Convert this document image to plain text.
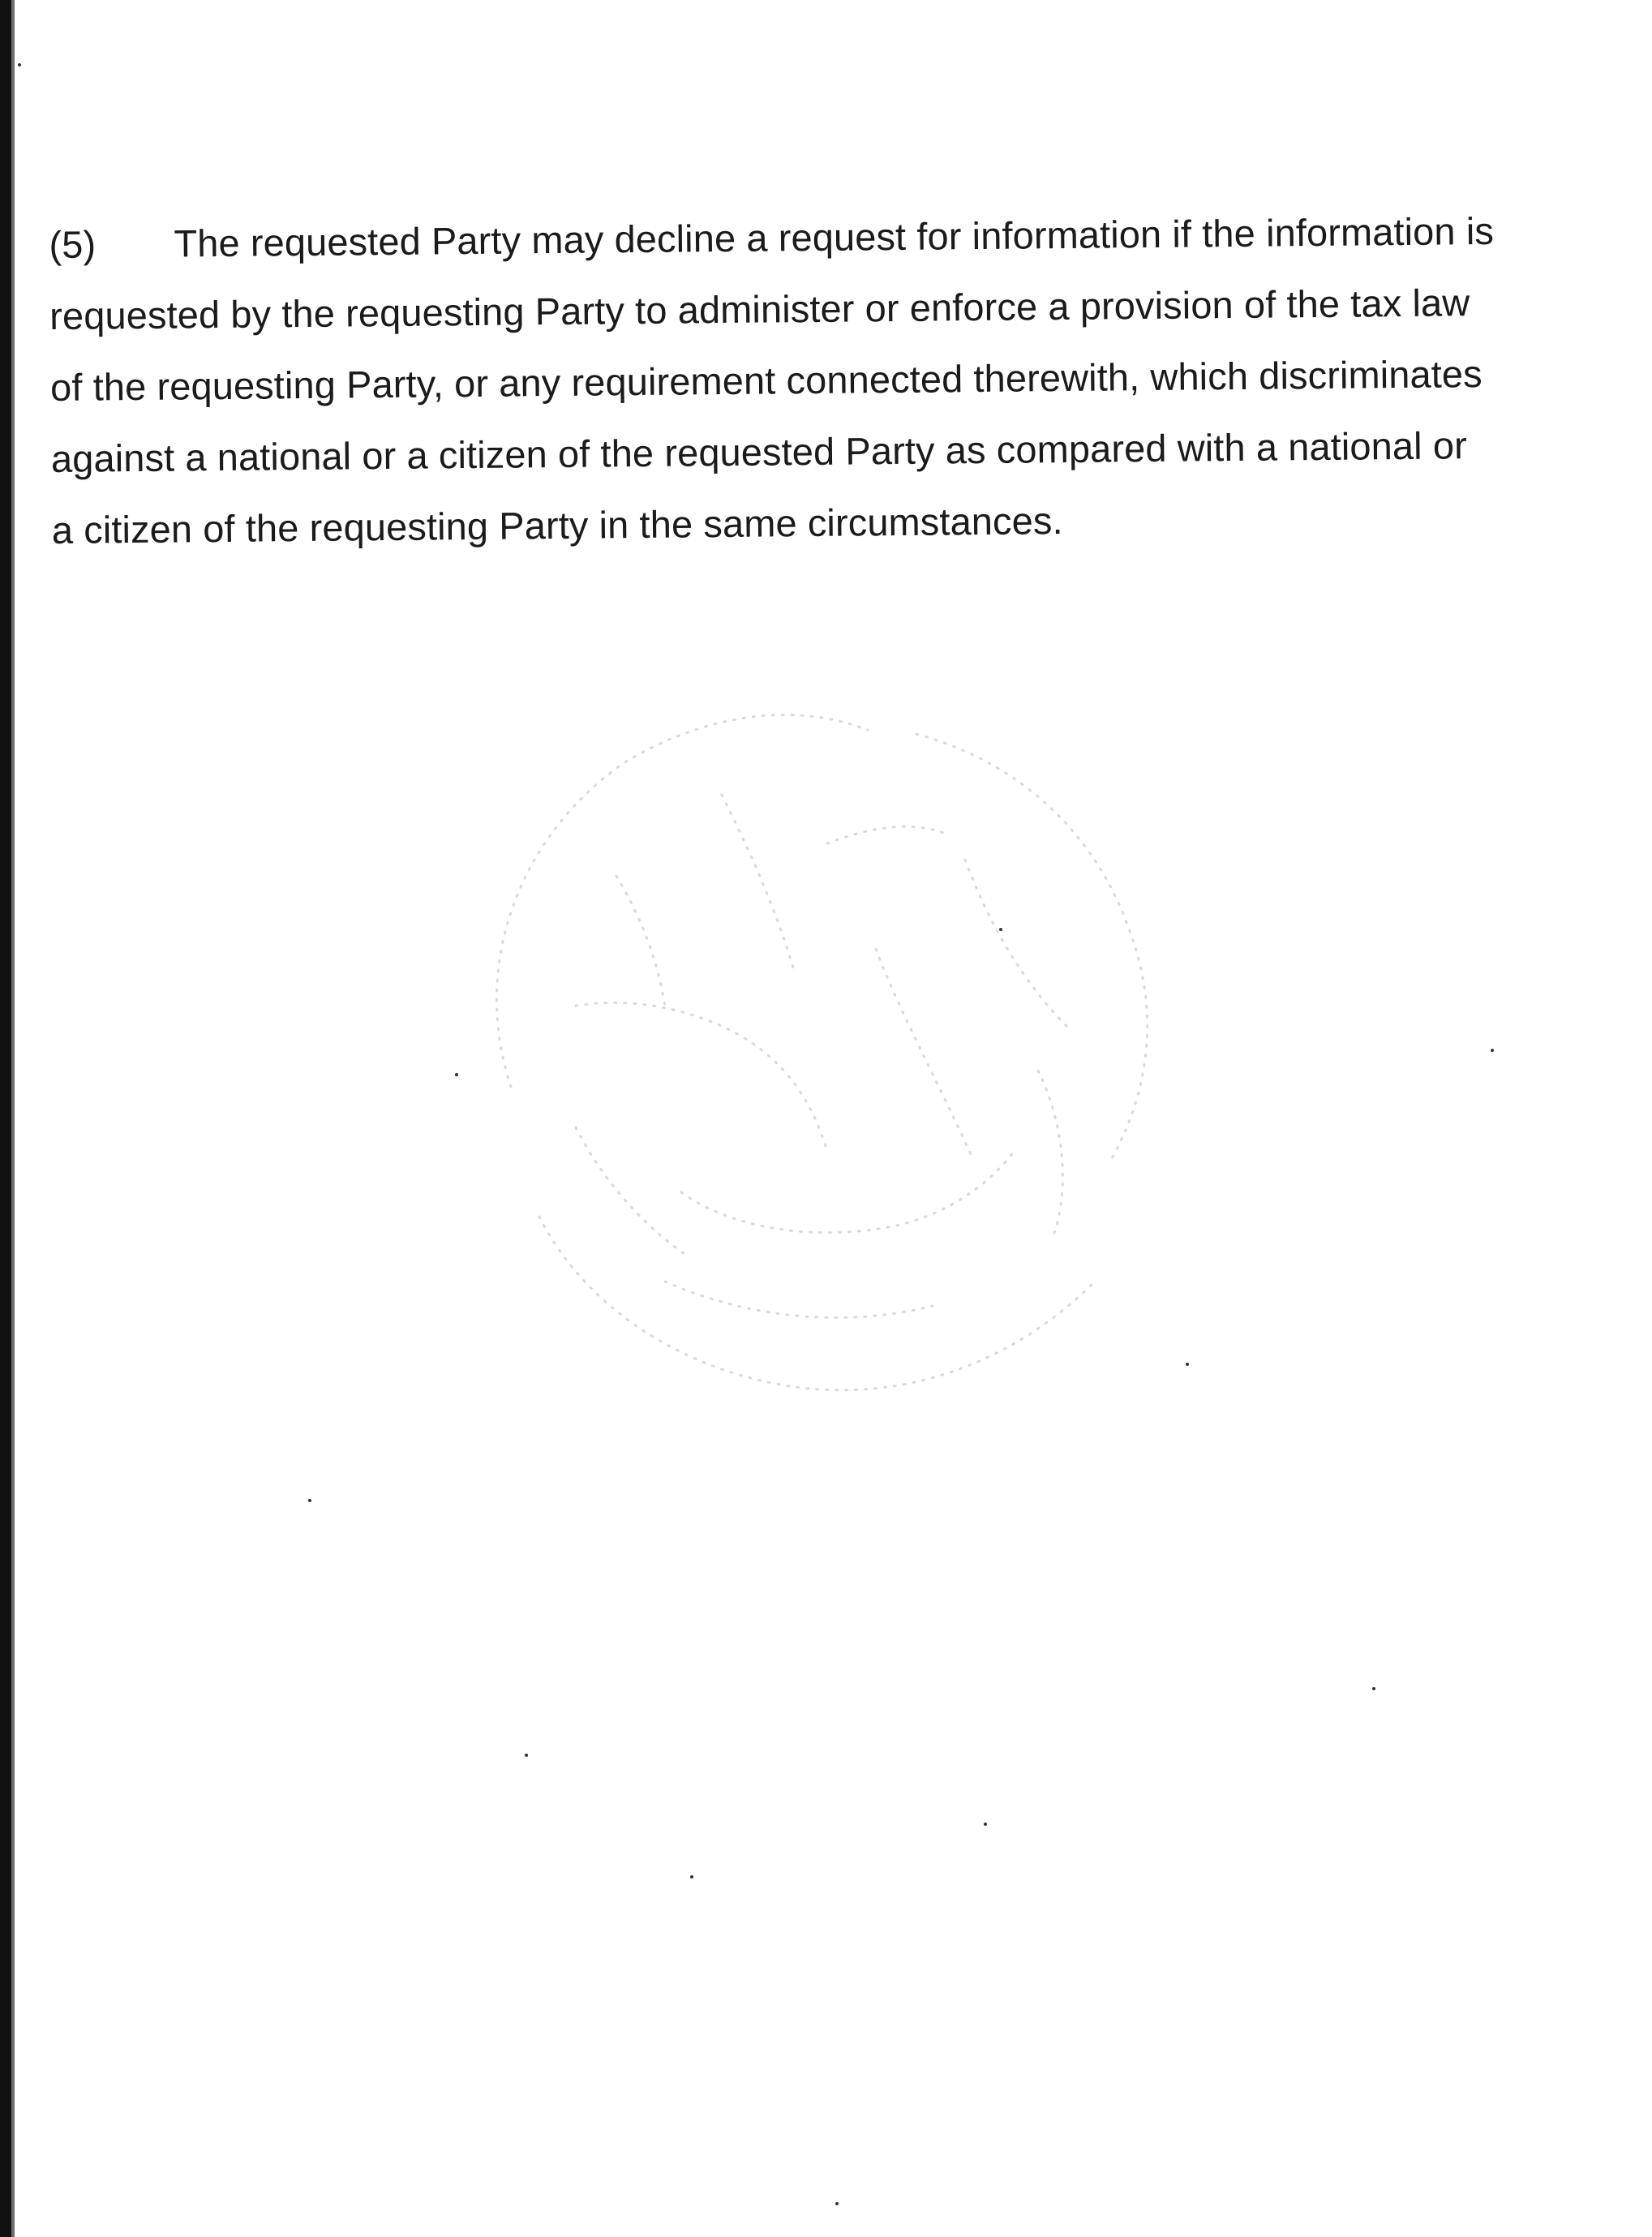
(5) The requested Party may decline a request for information if the information is
requested by the requesting Party to administer or enforce a provision of the tax law
of the requesting Party, or any requirement connected therewith, which discriminates
against a national or a citizen of the requested Party as compared with a national or
a citizen of the requesting Party in the same circumstances.
